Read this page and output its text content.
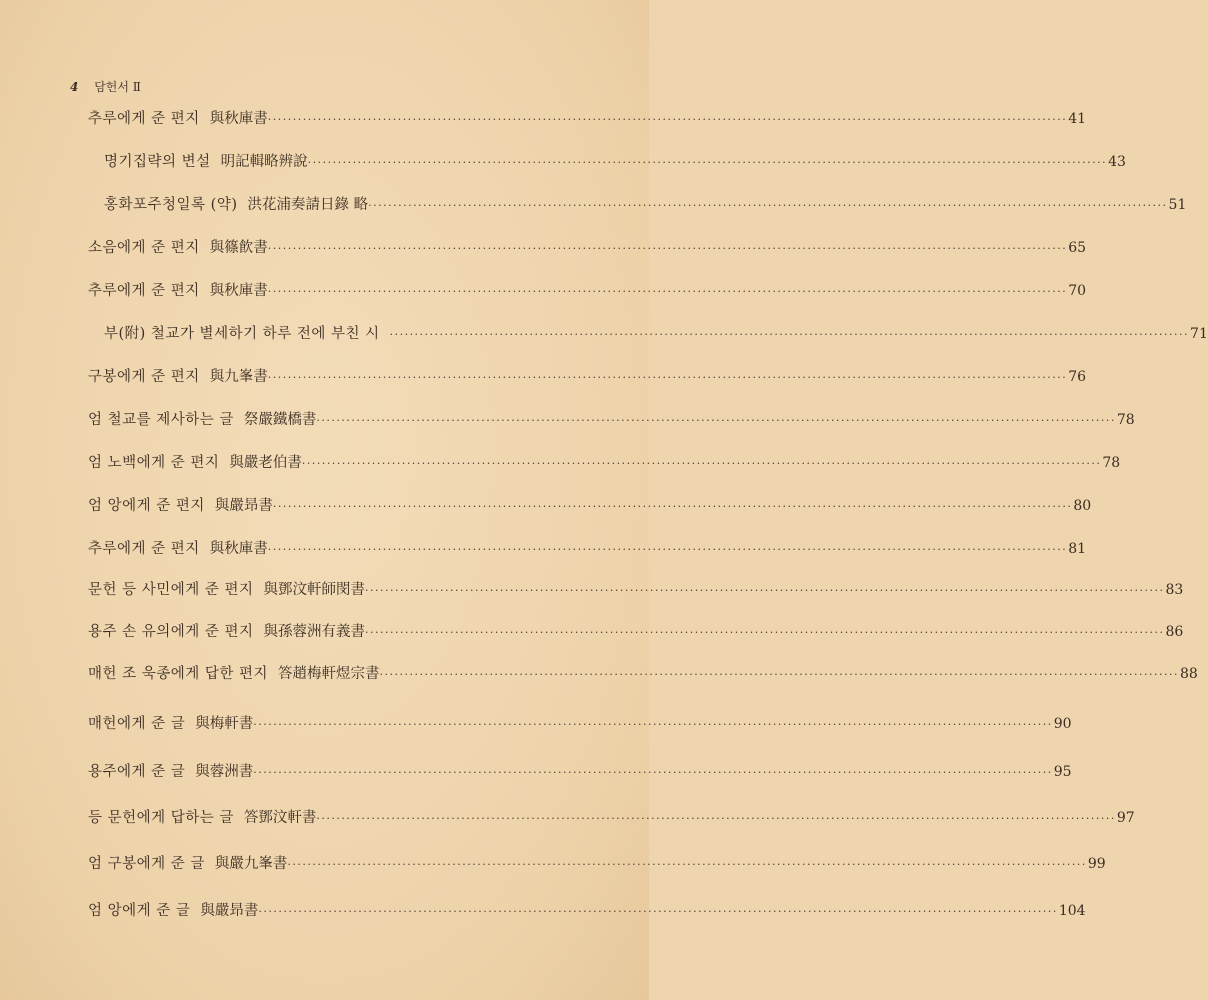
4 담헌서 Ⅱ
추루에게 준 편지 與秋庫書 ································································································································································ 41
명기집략의 변설 明記輯略辨說 ································································································································································ 43
홍화포주청일록 (약) 洪花浦奏請日錄 略 ································································································································································ 51
소음에게 준 편지 與篠飮書 ································································································································································ 65
추루에게 준 편지 與秋庫書 ································································································································································ 70
부(附) 철교가 별세하기 하루 전에 부친 시 ································································································································································ 71
구봉에게 준 편지 與九峯書 ································································································································································ 76
엄 철교를 제사하는 글 祭嚴鐵橋書 ································································································································································ 78
엄 노백에게 준 편지 與嚴老伯書 ································································································································································ 78
엄 앙에게 준 편지 與嚴昻書 ································································································································································ 80
추루에게 준 편지 與秋庫書 ································································································································································ 81
문헌 등 사민에게 준 편지 與鄧汶軒師閔書 ································································································································································ 83
용주 손 유의에게 준 편지 與孫蓉洲有義書 ································································································································································ 86
매헌 조 욱종에게 답한 편지 答趙梅軒煜宗書 ································································································································································ 88
매헌에게 준 글 與梅軒書 ································································································································································ 90
용주에게 준 글 與蓉洲書 ································································································································································ 95
등 문헌에게 답하는 글 答鄧汶軒書 ································································································································································ 97
엄 구봉에게 준 글 與嚴九峯書 ································································································································································ 99
엄 앙에게 준 글 與嚴昻書 ································································································································································ 104
